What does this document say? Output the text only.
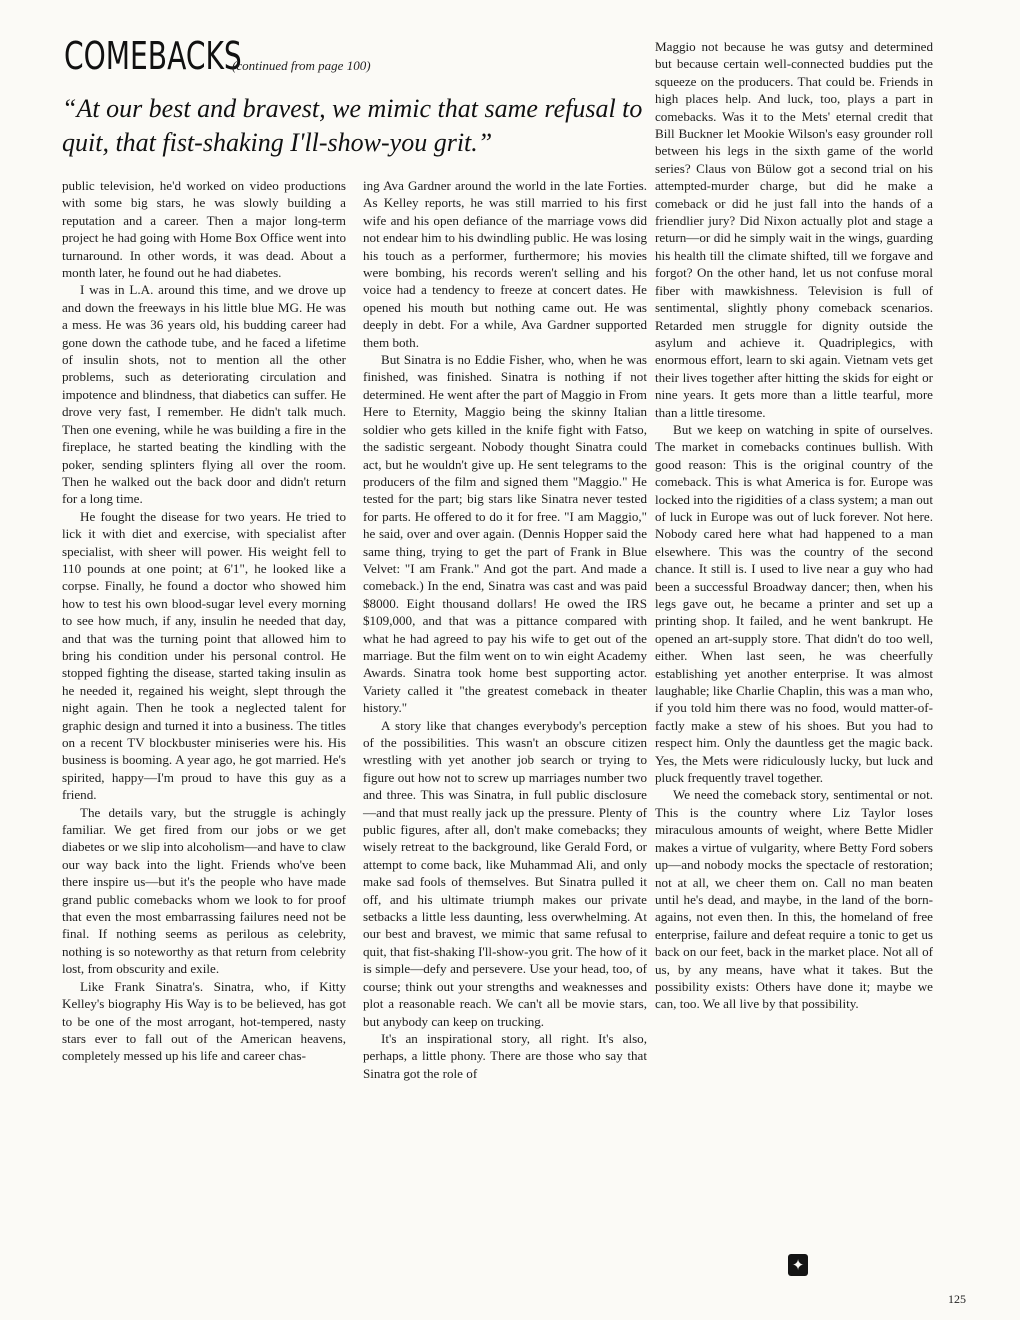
COMEBACKS
(continued from page 100)
“At our best and bravest, we mimic that same refusal to quit, that fist-shaking I'll-show-you grit.”

public television, he'd worked on video productions with some big stars, he was slowly building a reputation and a career. Then a major long-term project he had going with Home Box Office went into turnaround. In other words, it was dead. About a month later, he found out he had diabetes.

I was in L.A. around this time, and we drove up and down the freeways in his little blue MG. He was a mess. He was 36 years old, his budding career had gone down the cathode tube, and he faced a lifetime of insulin shots, not to mention all the other problems, such as deteriorating circulation and impotence and blindness, that diabetics can suffer. He drove very fast, I remember. He didn't talk much. Then one evening, while he was building a fire in the fireplace, he started beating the kindling with the poker, sending splinters flying all over the room. Then he walked out the back door and didn't return for a long time.

He fought the disease for two years. He tried to lick it with diet and exercise, with specialist after specialist, with sheer will power. His weight fell to 110 pounds at one point; at 6'1", he looked like a corpse. Finally, he found a doctor who showed him how to test his own blood-sugar level every morning to see how much, if any, insulin he needed that day, and that was the turning point that allowed him to bring his condition under his personal control. He stopped fighting the disease, started taking insulin as he needed it, regained his weight, slept through the night again. Then he took a neglected talent for graphic design and turned it into a business. The titles on a recent TV blockbuster miniseries were his. His business is booming. A year ago, he got married. He's spirited, happy—I'm proud to have this guy as a friend.

The details vary, but the struggle is achingly familiar. We get fired from our jobs or we get diabetes or we slip into alcoholism—and have to claw our way back into the light. Friends who've been there inspire us—but it's the people who have made grand public comebacks whom we look to for proof that even the most embarrassing failures need not be final. If nothing seems as perilous as celebrity, nothing is so noteworthy as that return from celebrity lost, from obscurity and exile.

Like Frank Sinatra's. Sinatra, who, if Kitty Kelley's biography His Way is to be believed, has got to be one of the most arrogant, hot-tempered, nasty stars ever to fall out of the American heavens, completely messed up his life and career chas-

ing Ava Gardner around the world in the late Forties. As Kelley reports, he was still married to his first wife and his open defiance of the marriage vows did not endear him to his dwindling public. He was losing his touch as a performer, furthermore; his movies were bombing, his records weren't selling and his voice had a tendency to freeze at concert dates. He opened his mouth but nothing came out. He was deeply in debt. For a while, Ava Gardner supported them both.

But Sinatra is no Eddie Fisher, who, when he was finished, was finished. Sinatra is nothing if not determined. He went after the part of Maggio in From Here to Eternity, Maggio being the skinny Italian soldier who gets killed in the knife fight with Fatso, the sadistic sergeant. Nobody thought Sinatra could act, but he wouldn't give up. He sent telegrams to the producers of the film and signed them "Maggio." He tested for the part; big stars like Sinatra never tested for parts. He offered to do it for free. "I am Maggio," he said, over and over again. (Dennis Hopper said the same thing, trying to get the part of Frank in Blue Velvet: "I am Frank." And got the part. And made a comeback.) In the end, Sinatra was cast and was paid $8000. Eight thousand dollars! He owed the IRS $109,000, and that was a pittance compared with what he had agreed to pay his wife to get out of the marriage. But the film went on to win eight Academy Awards. Sinatra took home best supporting actor. Variety called it "the greatest comeback in theater history."

A story like that changes everybody's perception of the possibilities. This wasn't an obscure citizen wrestling with yet another job search or trying to figure out how not to screw up marriages number two and three. This was Sinatra, in full public disclosure—and that must really jack up the pressure. Plenty of public figures, after all, don't make comebacks; they wisely retreat to the background, like Gerald Ford, or attempt to come back, like Muhammad Ali, and only make sad fools of themselves. But Sinatra pulled it off, and his ultimate triumph makes our private setbacks a little less daunting, less overwhelming. At our best and bravest, we mimic that same refusal to quit, that fist-shaking I'll-show-you grit. The how of it is simple—defy and persevere. Use your head, too, of course; think out your strengths and weaknesses and plot a reasonable reach. We can't all be movie stars, but anybody can keep on trucking.

It's an inspirational story, all right. It's also, perhaps, a little phony. There are those who say that Sinatra got the role of

Maggio not because he was gutsy and determined but because certain well-connected buddies put the squeeze on the producers. That could be. Friends in high places help. And luck, too, plays a part in comebacks. Was it to the Mets' eternal credit that Bill Buckner let Mookie Wilson's easy grounder roll between his legs in the sixth game of the world series? Claus von Bülow got a second trial on his attempted-murder charge, but did he make a comeback or did he just fall into the hands of a friendlier jury? Did Nixon actually plot and stage a return—or did he simply wait in the wings, guarding his health till the climate shifted, till we forgave and forgot? On the other hand, let us not confuse moral fiber with mawkishness. Television is full of sentimental, slightly phony comeback scenarios. Retarded men struggle for dignity outside the asylum and achieve it. Quadriplegics, with enormous effort, learn to ski again. Vietnam vets get their lives together after hitting the skids for eight or nine years. It gets more than a little tearful, more than a little tiresome.

But we keep on watching in spite of ourselves. The market in comebacks continues bullish. With good reason: This is the original country of the comeback. This is what America is for. Europe was locked into the rigidities of a class system; a man out of luck in Europe was out of luck forever. Not here. Nobody cared here what had happened to a man elsewhere. This was the country of the second chance. It still is. I used to live near a guy who had been a successful Broadway dancer; then, when his legs gave out, he became a printer and set up a printing shop. It failed, and he went bankrupt. He opened an art-supply store. That didn't do too well, either. When last seen, he was cheerfully establishing yet another enterprise. It was almost laughable; like Charlie Chaplin, this was a man who, if you told him there was no food, would matter-of-factly make a stew of his shoes. But you had to respect him. Only the dauntless get the magic back. Yes, the Mets were ridiculously lucky, but luck and pluck frequently travel together.

We need the comeback story, sentimental or not. This is the country where Liz Taylor loses miraculous amounts of weight, where Bette Midler makes a virtue of vulgarity, where Betty Ford sobers up—and nobody mocks the spectacle of restoration; not at all, we cheer them on. Call no man beaten until he's dead, and maybe, in the land of the born-agains, not even then. In this, the homeland of free enterprise, failure and defeat require a tonic to get us back on our feet, back in the market place. Not all of us, by any means, have what it takes. But the possibility exists: Others have done it; maybe we can, too. We all live by that possibility.

✦
125
